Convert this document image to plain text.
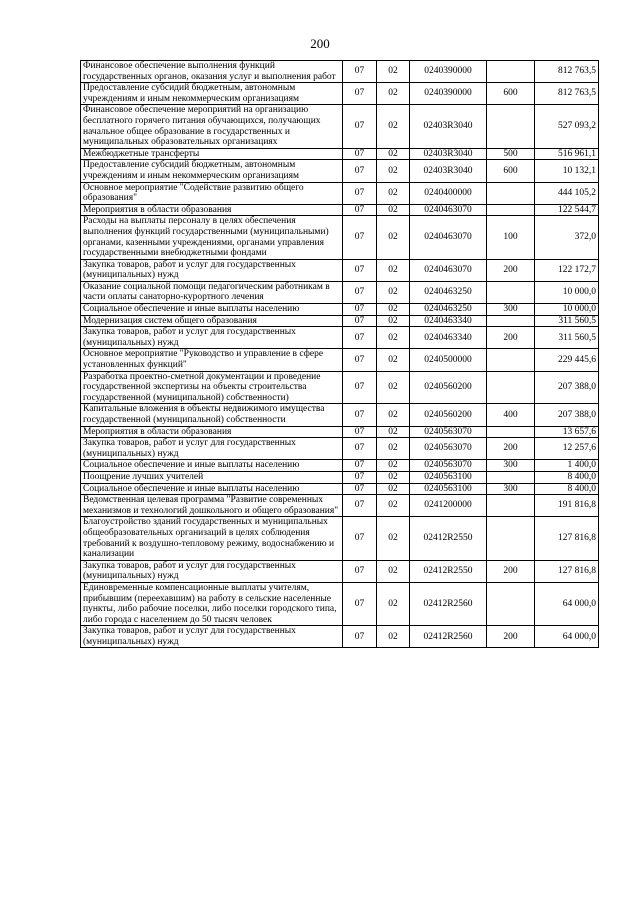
200
Финансовое обеспечение выполнения функций государственных органов, оказания услуг и выполнения работ	07	02	0240390000		812 763,5
Предоставление субсидий бюджетным, автономным учреждениям и иным некоммерческим организациям	07	02	0240390000	600	812 763,5
Финансовое обеспечение мероприятий на организацию бесплатного горячего питания обучающихся, получающих начальное общее образование в государственных и муниципальных образовательных организациях	07	02	02403R3040		527 093,2
Межбюджетные трансферты	07	02	02403R3040	500	516 961,1
Предоставление субсидий бюджетным, автономным учреждениям и иным некоммерческим организациям	07	02	02403R3040	600	10 132,1
Основное мероприятие "Содействие развитию общего образования"	07	02	0240400000		444 105,2
Мероприятия в области образования	07	02	0240463070		122 544,7
Расходы на выплаты персоналу в целях обеспечения выполнения функций государственными (муниципальными) органами, казенными учреждениями, органами управления государственными внебюджетными фондами	07	02	0240463070	100	372,0
Закупка товаров, работ и услуг для государственных (муниципальных) нужд	07	02	0240463070	200	122 172,7
Оказание социальной помощи педагогическим работникам в части оплаты санаторно-курортного лечения	07	02	0240463250		10 000,0
Социальное обеспечение и иные выплаты населению	07	02	0240463250	300	10 000,0
Модернизация систем общего образования	07	02	0240463340		311 560,5
Закупка товаров, работ и услуг для государственных (муниципальных) нужд	07	02	0240463340	200	311 560,5
Основное мероприятие "Руководство и управление в сфере установленных функций"	07	02	0240500000		229 445,6
Разработка проектно-сметной документации и проведение государственной экспертизы на объекты строительства государственной (муниципальной) собственности)	07	02	0240560200		207 388,0
Капитальные вложения в объекты недвижимого имущества государственной (муниципальной) собственности	07	02	0240560200	400	207 388,0
Мероприятия в области образования	07	02	0240563070		13 657,6
Закупка товаров, работ и услуг для государственных (муниципальных) нужд	07	02	0240563070	200	12 257,6
Социальное обеспечение и иные выплаты населению	07	02	0240563070	300	1 400,0
Поощрение лучших учителей	07	02	0240563100		8 400,0
Социальное обеспечение и иные выплаты населению	07	02	0240563100	300	8 400,0
Ведомственная целевая программа "Развитие современных механизмов и технологий дошкольного и общего образования"	07	02	0241200000		191 816,8
Благоустройство зданий государственных и муниципальных общеобразовательных организаций в целях соблюдения требований к воздушно-тепловому режиму, водоснабжению и канализации	07	02	02412R2550		127 816,8
Закупка товаров, работ и услуг для государственных (муниципальных) нужд	07	02	02412R2550	200	127 816,8
Единовременные компенсационные выплаты учителям, прибывшим (переехавшим) на работу в сельские населенные пункты, либо рабочие поселки, либо поселки городского типа, либо города с населением до 50 тысяч человек	07	02	02412R2560		64 000,0
Закупка товаров, работ и услуг для государственных (муниципальных) нужд	07	02	02412R2560	200	64 000,0
